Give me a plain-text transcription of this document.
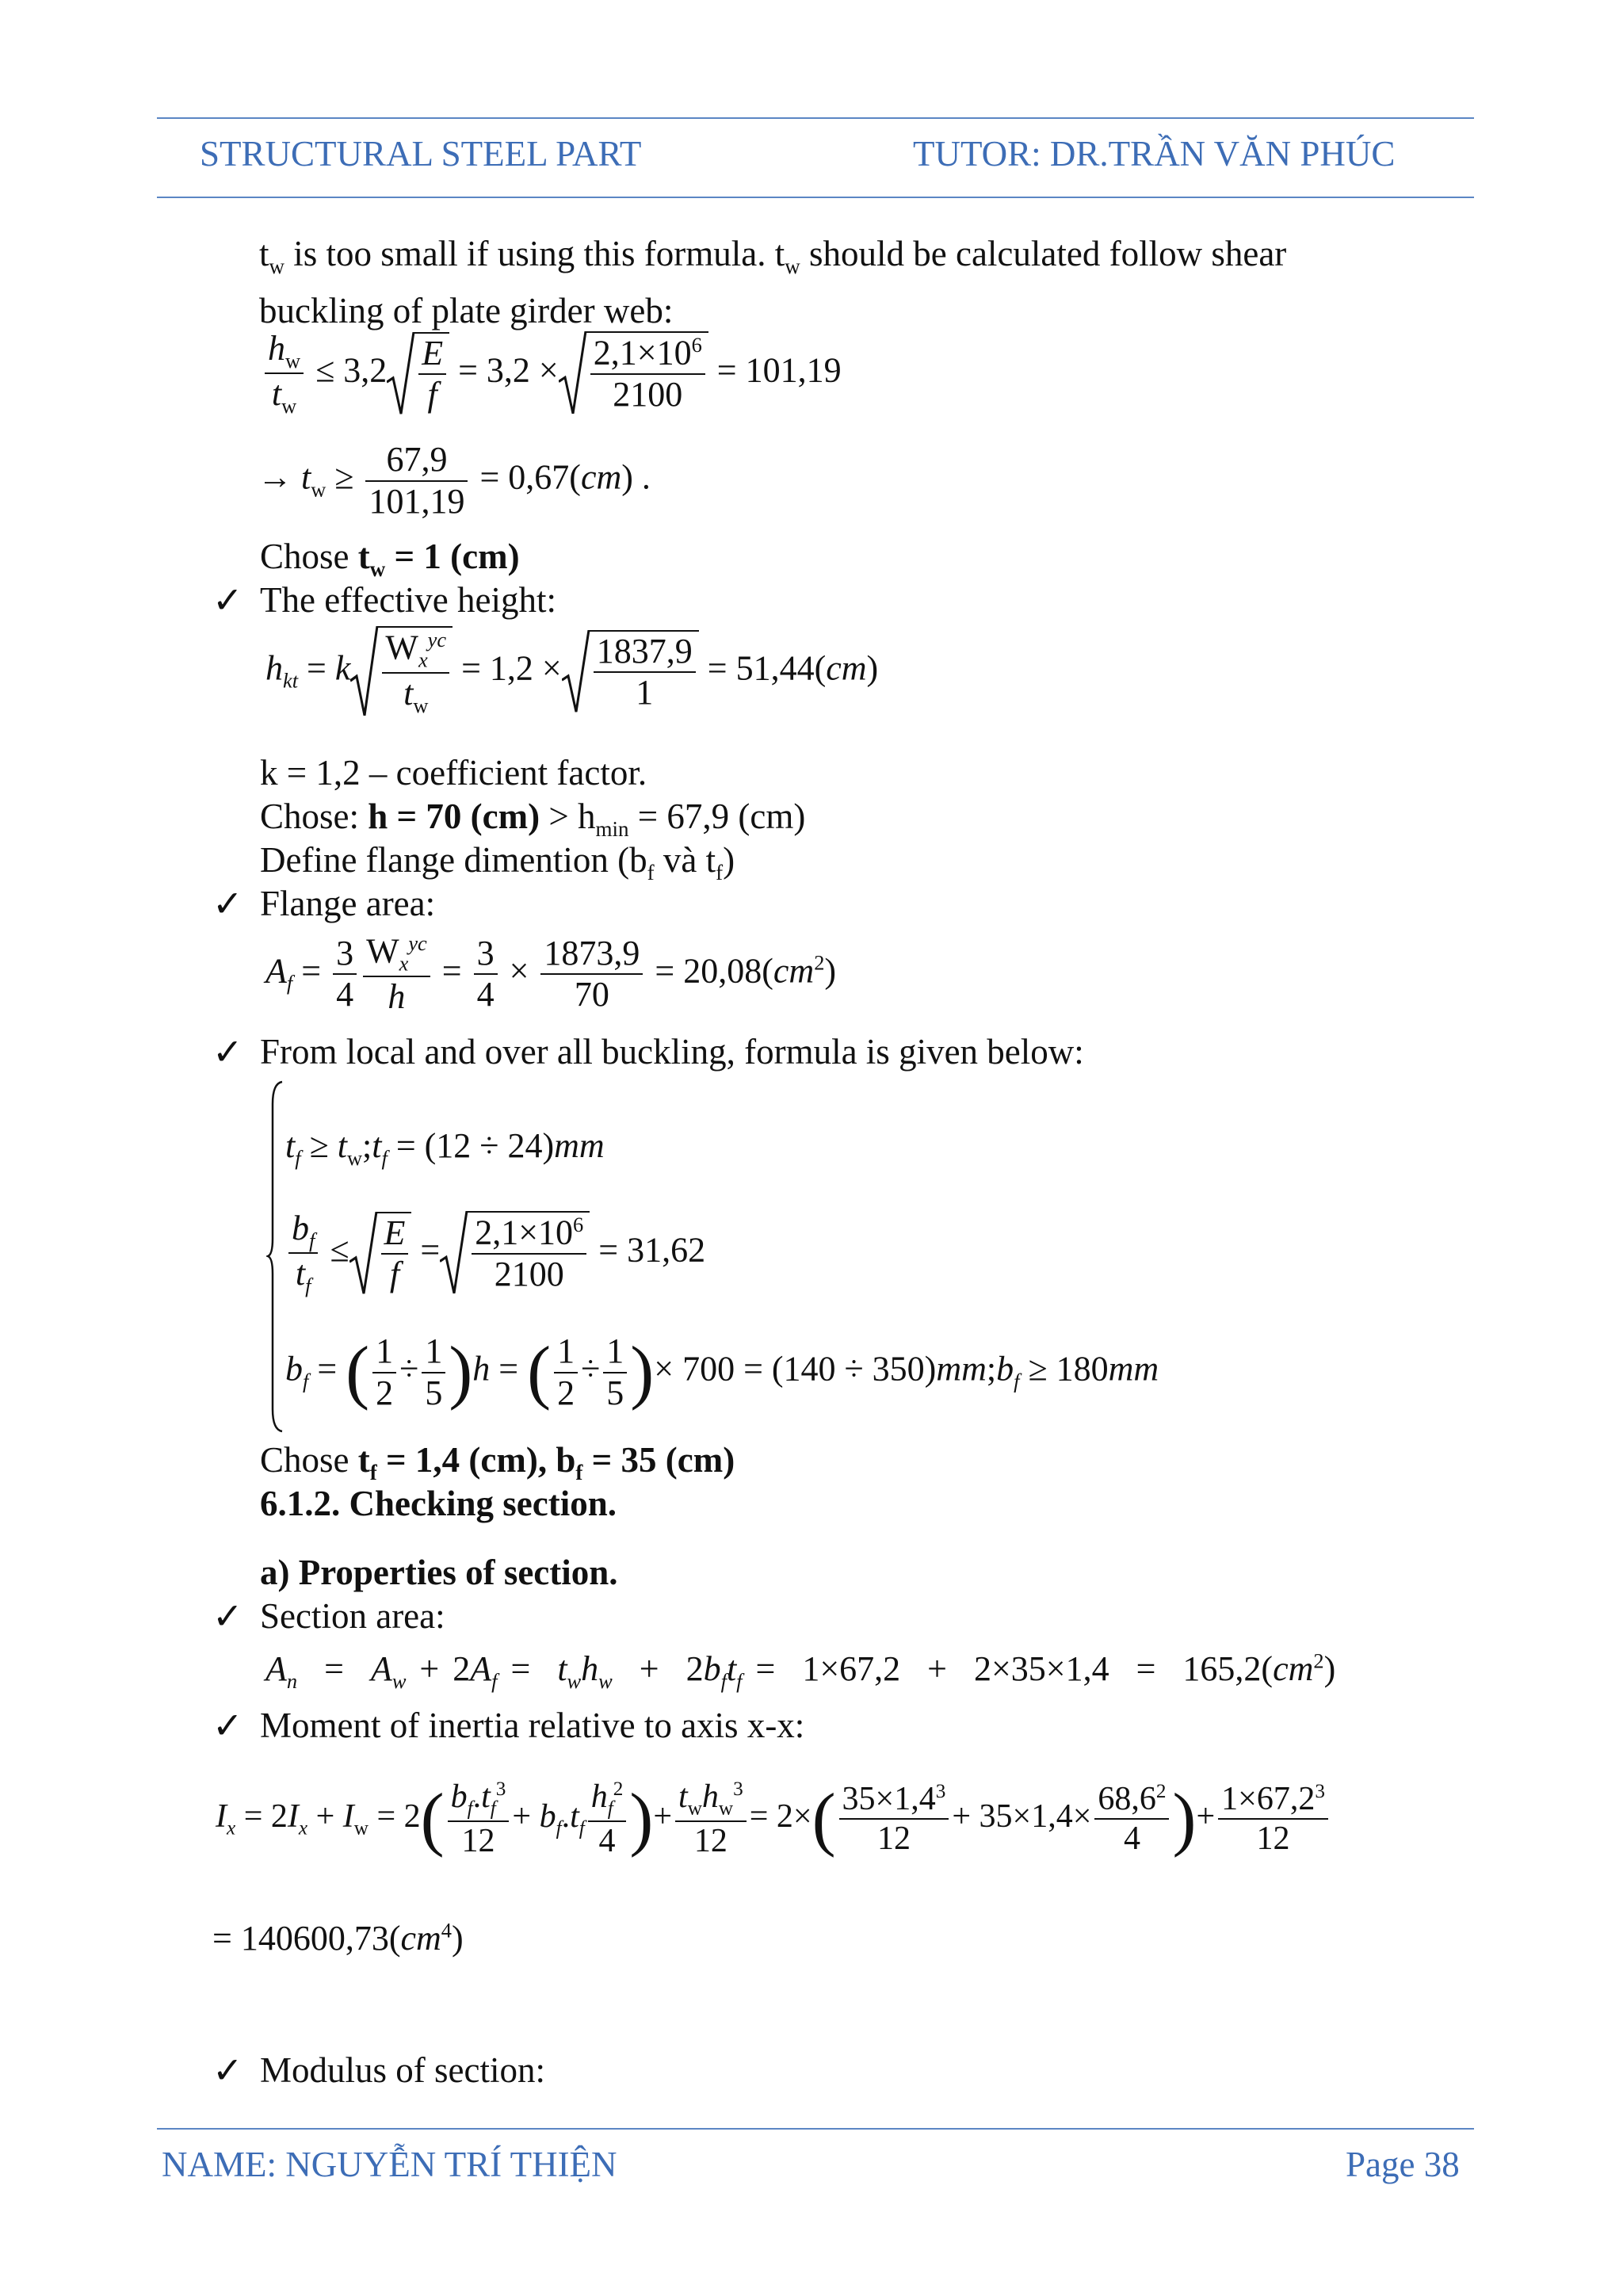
STRUCTURAL STEEL PART	TUTOR: DR.TRẦN VĂN PHÚC
$t_w$ is too small if using this formula. $t_w$ should be calculated follow shear
buckling of plate girder web:
$\frac{h_w}{t_w} \le 3,2 \frac{E}{f} = 3,2 \times \frac{2,1\times 10^6}{2100} = 101,19$
→ $t_w \ge \frac{67,9}{101,19} = 0,67(cm)$ .
Chose $t_w = 1$ (cm)
✓ The effective height:
$h_{kt} = k \frac{W_x^{yc}}{t_w} = 1,2 \times \frac{1837,9}{1} = 51,44(cm)$
k = 1,2 – coefficient factor.
Chose: h = 70 $(cm) > h_{min} = 67,9$ (cm)
Define flange dimention ($b_f$ và $t_f$)
✓ Flange area:
$A_f = \frac{3}{4} \frac{W_x^{yc}}{h} = \frac{3}{4} \times \frac{1873,9}{70} = 20,08(cm^2)$
✓ From local and over all buckling, formula is given below:
$t_f$ ≥ $t_w;t_f = (12 \div 24)mm$
$\frac{b_f}{t_f} \le \frac{E}{f} = \frac{2,1\times 10^6}{2100} = 31,62$
$b_f$ = ( $\frac{1}{2} \div \frac{1}{5} )h$ = ( $\frac{1}{2} \div \frac{1}{5}$ )× $700 = (140 \div 350)mm;b_f \ge 180mm$
Chose $t_f = 1,4$ (cm), $b_f = 35$ (cm)
6.1.2. Checking section.
a) Properties of section.
✓ Section area:
$A_n = A_w + 2A_f = t_wh_w + 2b_ft_f = 1\times 67,2 + 2\times 35\times 1,4 = 165,2(cm^2)$
✓ Moment of inertia relative to axis x-x:
$I_x = 2I_x + I_w = 2( \frac{b_f.t_f^3}{12} + b_f.t_f \frac{h_f^2}{4}$ )+ $\frac{t_wh_w^3}{12} = 2\times( \frac{35\times 1,4^3}{12} + 35\times 1,4\times \frac{68,6^2}{4}$ )+ $\frac{1\times 67,2^3}{12}$
= $140600,73(cm^4)$
✓ Modulus of section:
NAME: NGUYỄN TRÍ THIỆN	Page 38
